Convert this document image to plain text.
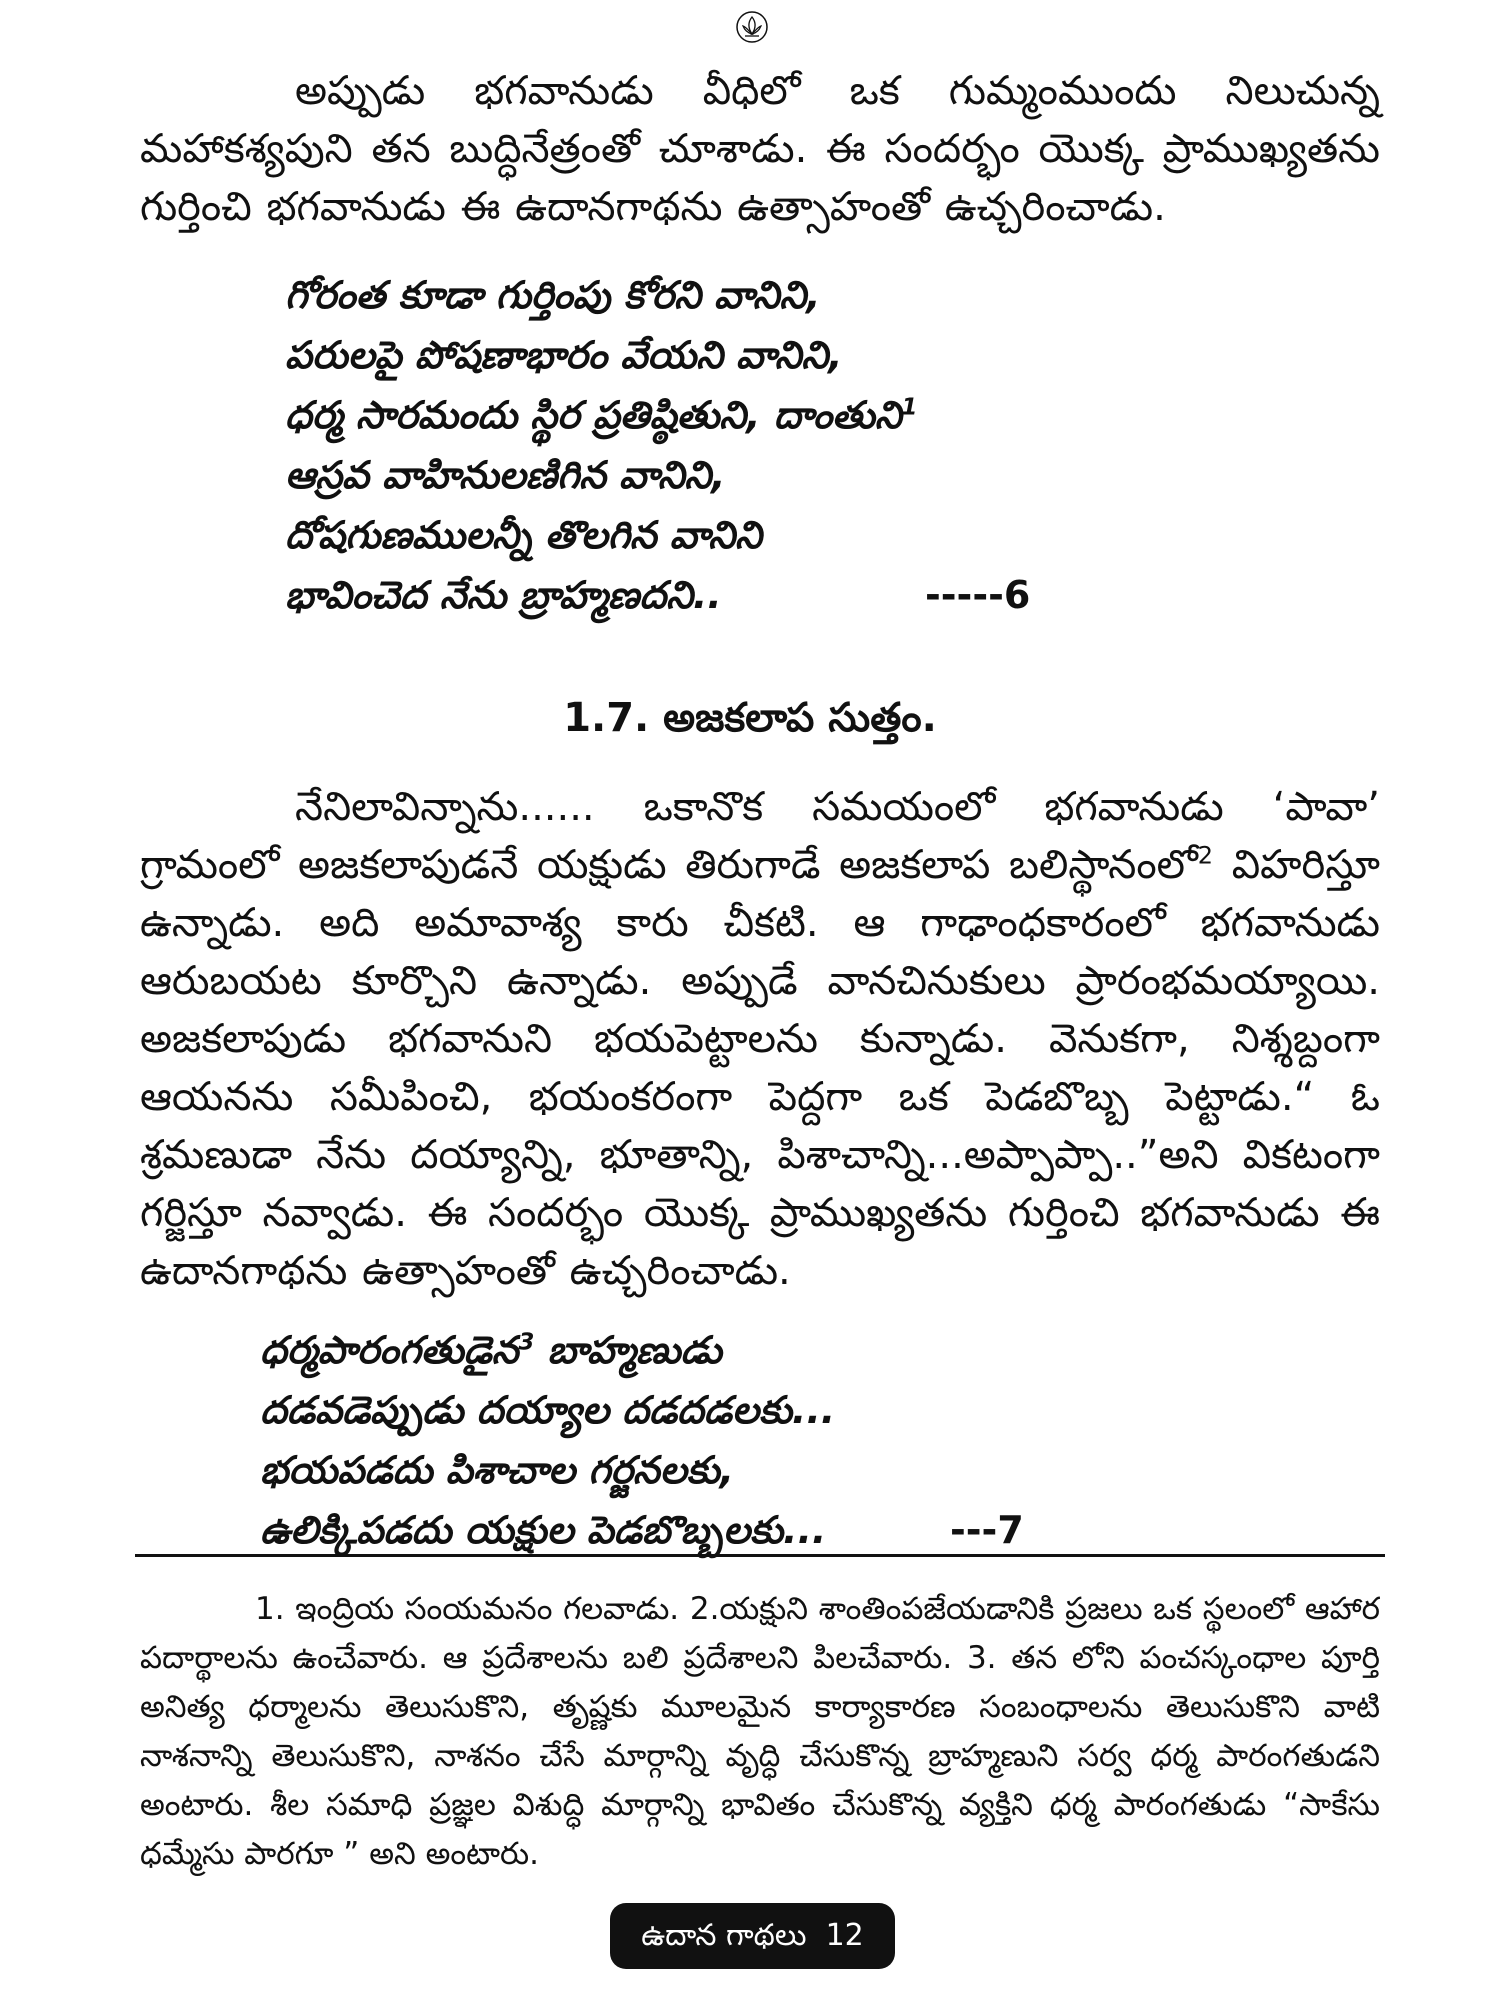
అప్పుడు భగవానుడు వీధిలో ఒక గుమ్మంముందు నిలుచున్న మహాకశ్యపుని తన బుద్ధినేత్రంతో చూశాడు. ఈ సందర్భం యొక్క ప్రాముఖ్యతను గుర్తించి భగవానుడు ఈ ఉదానగాథను ఉత్సాహంతో ఉచ్చరించాడు.

గోరంత కూడా గుర్తింపు కోరని వానిని,
పరులపై పోషణాభారం వేయని వానిని,
ధర్మ సారమందు స్థిర ప్రతిష్ఠితుని, దాంతుని$^1$
ఆస్రవ వాహినులణిగిన వానిని,
దోషగుణములన్నీ తొలగిన వానిని
భావించెద నేను బ్రాహ్మణదని..	-----6
1.7. అజకలాప సుత్తం.

నేనిలావిన్నాను...... ఒకానొక సమయంలో భగవానుడు ‘పావా’ గ్రామంలో అజకలాపుడనే యక్షుడు తిరుగాడే అజకలాప బలిస్థానంలో$^2$ విహరిస్తూ ఉన్నాడు. అది అమావాశ్య కారు చీకటి. ఆ గాఢాంధకారంలో భగవానుడు ఆరుబయట కూర్చొని ఉన్నాడు. అప్పుడే వానచినుకులు ప్రారంభమయ్యాయి. అజకలాపుడు భగవానుని భయపెట్టాలను కున్నాడు. వెనుకగా, నిశ్శబ్దంగా ఆయనను సమీపించి, భయంకరంగా పెద్దగా ఒక పెడబొబ్బ పెట్టాడు.“ ఓ శ్రమణుడా నేను దయ్యాన్ని, భూతాన్ని, పిశాచాన్ని...అప్పాప్పా..”అని వికటంగా గర్జిస్తూ నవ్వాడు. ఈ సందర్భం యొక్క ప్రాముఖ్యతను గుర్తించి భగవానుడు ఈ ఉదానగాథను ఉత్సాహంతో ఉచ్చరించాడు.

ధర్మపారంగతుడైన$^3$ బాహ్మణుడు
దడవడెప్పుడు దయ్యాల దడదడలకు...
భయపడదు పిశాచాల గర్జనలకు,
ఉలిక్కిపడదు యక్షుల పెడబొబ్బలకు...	---7

1. ఇంద్రియ సంయమనం గలవాడు. 2.యక్షుని శాంతింపజేయడానికి ప్రజలు ఒక స్థలంలో ఆహార పదార్థాలను ఉంచేవారు. ఆ ప్రదేశాలను బలి ప్రదేశాలని పిలచేవారు. 3. తన లోని పంచస్కంధాల పూర్తి అనిత్య ధర్మాలను తెలుసుకొని, తృష్ణకు మూలమైన కార్యాకారణ సంబంధాలను తెలుసుకొని వాటి నాశనాన్ని తెలుసుకొని, నాశనం చేసే మార్గాన్ని వృద్ధి చేసుకొన్న బ్రాహ్మణుని సర్వ ధర్మ పారంగతుడని అంటారు. శీల సమాధి ప్రజ్ఞల విశుద్ధి మార్గాన్ని భావితం చేసుకొన్న వ్యక్తిని ధర్మ పారంగతుడు “సాకేసు ధమ్మేసు పారగూ ” అని అంటారు.

ఉదాన గాథలు 12
